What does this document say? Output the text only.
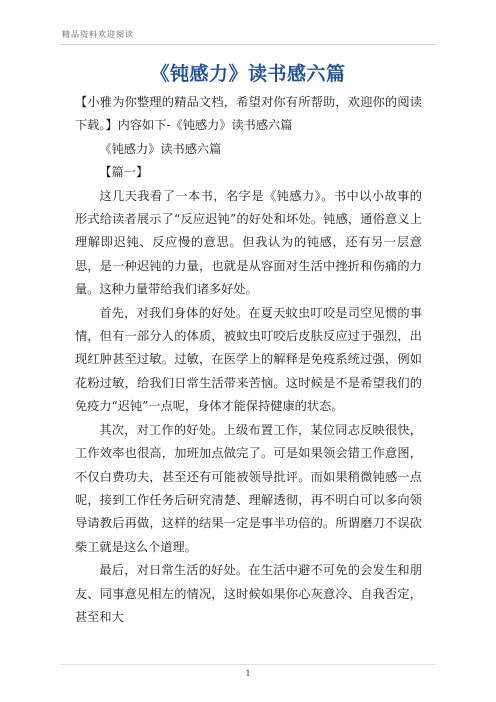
精品资料欢迎阅读
《钝感力》读书感六篇

【小雅为你整理的精品文档，希望对你有所帮助，欢迎你的阅读下载。】内容如下-《钝感力》读书感六篇

《钝感力》读书感六篇

【篇一】

这几天我看了一本书，名字是《钝感力》。书中以小故事的形式给读者展示了“反应迟钝”的好处和坏处。钝感，通俗意义上理解即迟钝、反应慢的意思。但我认为的钝感，还有另一层意思，是一种迟钝的力量，也就是从容面对生活中挫折和伤痛的力量。这种力量带给我们诸多好处。

首先，对我们身体的好处。在夏天蚊虫叮咬是司空见惯的事情，但有一部分人的体质，被蚊虫叮咬后皮肤反应过于强烈，出现红肿甚至过敏。过敏，在医学上的解释是免疫系统过强，例如花粉过敏，给我们日常生活带来苦恼。这时候是不是希望我们的免疫力“迟钝”一点呢，身体才能保持健康的状态。

其次，对工作的好处。上级布置工作，某位同志反映很快，工作效率也很高，加班加点做完了。可是如果领会错工作意图，不仅白费功夫，甚至还有可能被领导批评。而如果稍微钝感一点呢，接到工作任务后研究清楚、理解透彻，再不明白可以多向领导请教后再做，这样的结果一定是事半功倍的。所谓磨刀不误砍柴工就是这么个道理。

最后，对日常生活的好处。在生活中避不可免的会发生和朋友、同事意见相左的情况，这时候如果你心灰意冷、自我否定，甚至和大

1
